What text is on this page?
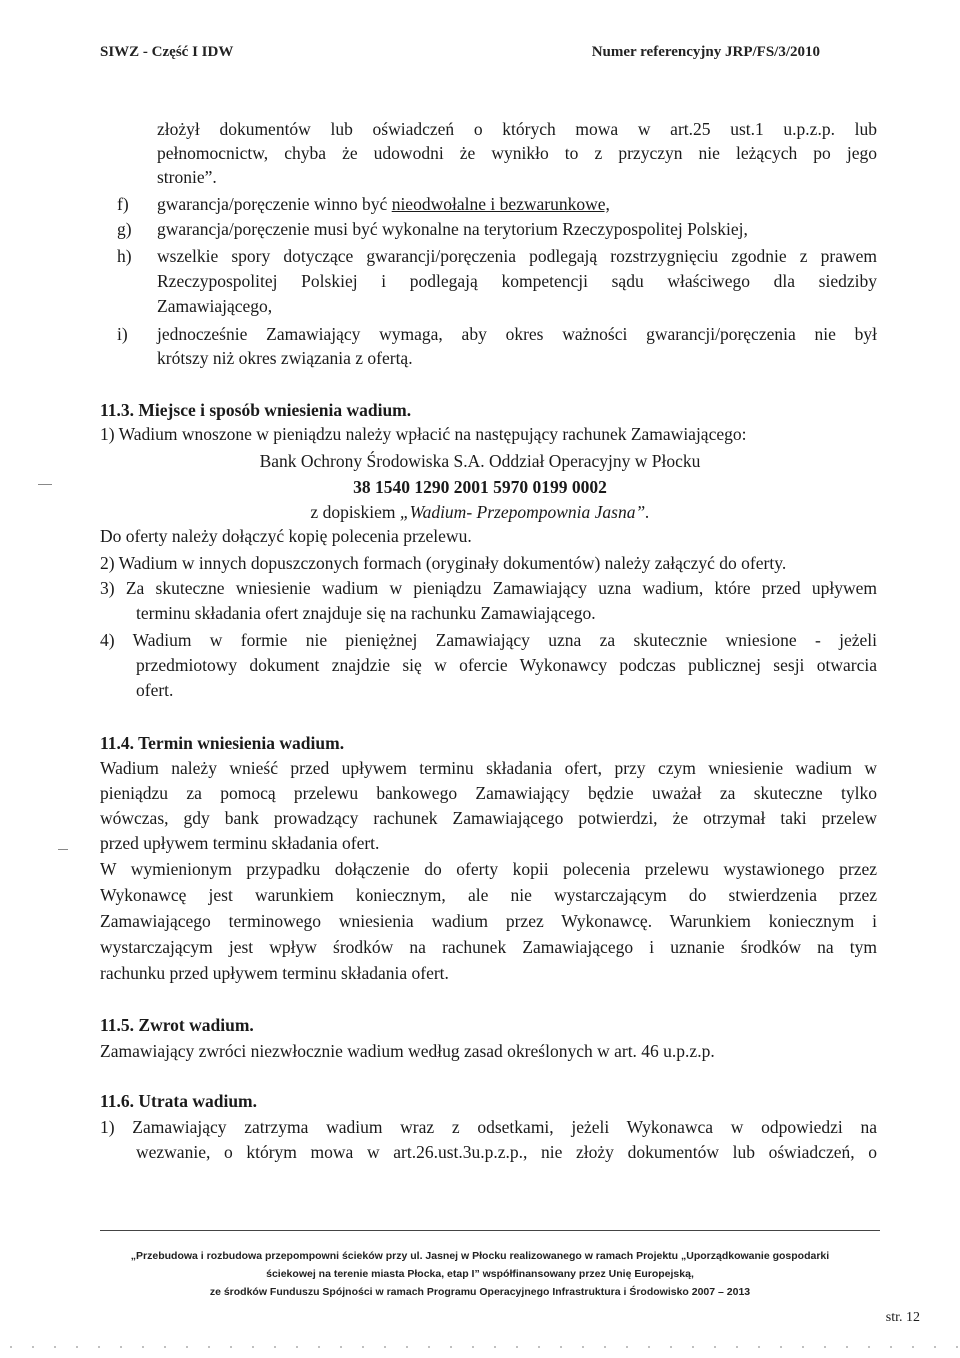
SIWZ - Część I IDW	Numer referencyjny JRP/FS/3/2010
złożył dokumentów lub oświadczeń o których mowa w art.25 ust.1 u.p.z.p. lub
pełnomocnictw, chyba że udowodni że wynikło to z przyczyn nie leżących po jego
stronie”.
f) gwarancja/poręczenie winno być nieodwołalne i bezwarunkowe,
g) gwarancja/poręczenie musi być wykonalne na terytorium Rzeczypospolitej Polskiej,
h) wszelkie spory dotyczące gwarancji/poręczenia podlegają rozstrzygnięciu zgodnie z prawem
Rzeczypospolitej Polskiej i podlegają kompetencji sądu właściwego dla siedziby
Zamawiającego,
i) jednocześnie Zamawiający wymaga, aby okres ważności gwarancji/poręczenia nie był
krótszy niż okres związania z ofertą.
11.3. Miejsce i sposób wniesienia wadium.
1) Wadium wnoszone w pieniądzu należy wpłacić na następujący rachunek Zamawiającego:
Bank Ochrony Środowiska S.A. Oddział Operacyjny w Płocku
38 1540 1290 2001 5970 0199 0002
z dopiskiem „Wadium- Przepompownia Jasna”.
Do oferty należy dołączyć kopię polecenia przelewu.
2) Wadium w innych dopuszczonych formach (oryginały dokumentów) należy załączyć do oferty.
3) Za skuteczne wniesienie wadium w pieniądzu Zamawiający uzna wadium, które przed upływem
terminu składania ofert znajduje się na rachunku Zamawiającego.
4) Wadium w formie nie pieniężnej Zamawiający uzna za skutecznie wniesione - jeżeli
przedmiotowy dokument znajdzie się w ofercie Wykonawcy podczas publicznej sesji otwarcia
ofert.
11.4. Termin wniesienia wadium.
Wadium należy wnieść przed upływem terminu składania ofert, przy czym wniesienie wadium w
pieniądzu za pomocą przelewu bankowego Zamawiający będzie uważał za skuteczne tylko
wówczas, gdy bank prowadzący rachunek Zamawiającego potwierdzi, że otrzymał taki przelew
przed upływem terminu składania ofert.
W wymienionym przypadku dołączenie do oferty kopii polecenia przelewu wystawionego przez
Wykonawcę jest warunkiem koniecznym, ale nie wystarczającym do stwierdzenia przez
Zamawiającego terminowego wniesienia wadium przez Wykonawcę. Warunkiem koniecznym i
wystarczającym jest wpływ środków na rachunek Zamawiającego i uznanie środków na tym
rachunku przed upływem terminu składania ofert.
11.5. Zwrot wadium.
Zamawiający zwróci niezwłocznie wadium według zasad określonych w art. 46 u.p.z.p.
11.6. Utrata wadium.
1) Zamawiający zatrzyma wadium wraz z odsetkami, jeżeli Wykonawca w odpowiedzi na
wezwanie, o którym mowa w art.26.ust.3u.p.z.p., nie złoży dokumentów lub oświadczeń, o
„Przebudowa i rozbudowa przepompowni ścieków przy ul. Jasnej w Płocku realizowanego w ramach Projektu „Uporządkowanie gospodarki
ściekowej na terenie miasta Płocka, etap I” współfinansowany przez Unię Europejską,
ze środków Funduszu Spójności w ramach Programu Operacyjnego Infrastruktura i Środowisko 2007 – 2013
str. 12
